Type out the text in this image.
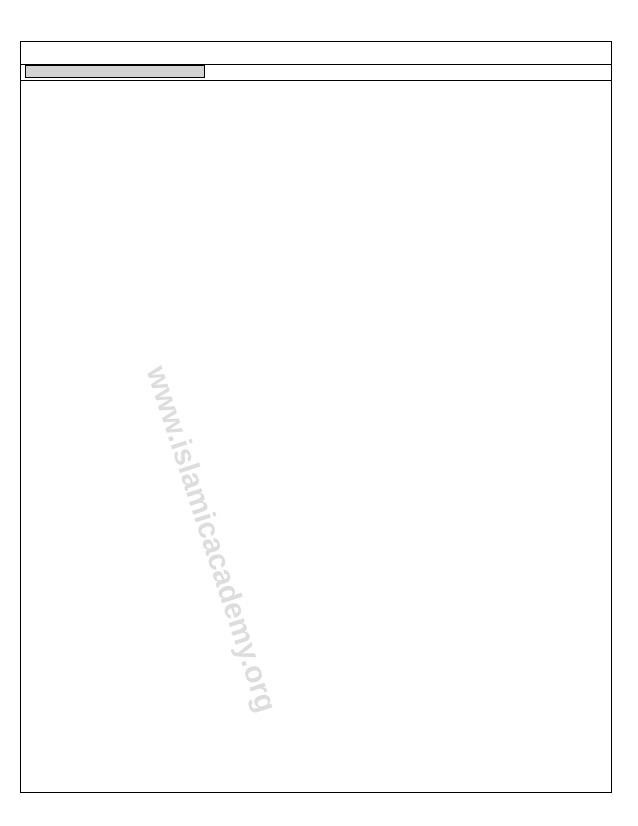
www.islamicacademy.org
